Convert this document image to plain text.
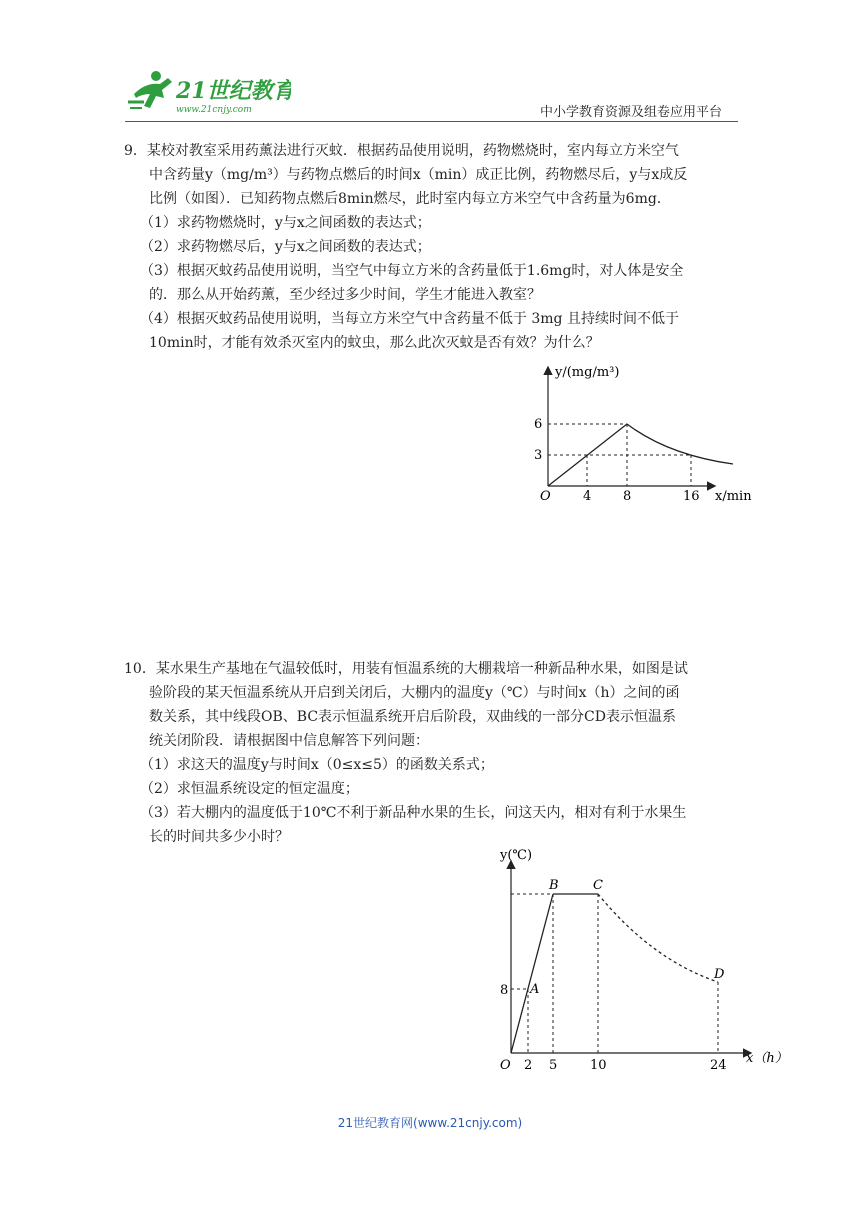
21世纪教育
www.21cnjy.com	中小学教育资源及组卷应用平台

9．某校对教室采用药薰法进行灭蚊．根据药品使用说明，药物燃烧时，室内每立方米空气

中含药量y（mg/m³）与药物点燃后的时间x（min）成正比例，药物燃尽后，y与x成反

比例（如图）．已知药物点燃后8min燃尽，此时室内每立方米空气中含药量为6mg．

（1）求药物燃烧时，y与x之间函数的表达式；

（2）求药物燃尽后，y与x之间函数的表达式；

（3）根据灭蚊药品使用说明，当空气中每立方米的含药量低于1.6mg时，对人体是安全

的．那么从开始药薰，至少经过多少时间，学生才能进入教室？

（4）根据灭蚊药品使用说明，当每立方米空气中含药量不低于 3mg 且持续时间不低于

10min时，才能有效杀灭室内的蚊虫，那么此次灭蚊是否有效？为什么？

y/(mg/m³)
x/min
O 4 8	16
3
6

10．某水果生产基地在气温较低时，用装有恒温系统的大棚栽培一种新品种水果，如图是试

验阶段的某天恒温系统从开启到关闭后，大棚内的温度y（℃）与时间x（h）之间的函

数关系，其中线段OB、BC表示恒温系统开启后阶段，双曲线的一部分CD表示恒温系

统关闭阶段．请根据图中信息解答下列问题：

（1）求这天的温度y与时间x（0≤x≤5）的函数关系式；

（2）求恒温系统设定的恒定温度；

（3）若大棚内的温度低于10℃不利于新品种水果的生长，问这天内，相对有利于水果生

长的时间共多少小时？

y(℃)
x（h）
O 2 5	10	24
8 A
B	C
D
21世纪教育网(www.21cnjy.com)
